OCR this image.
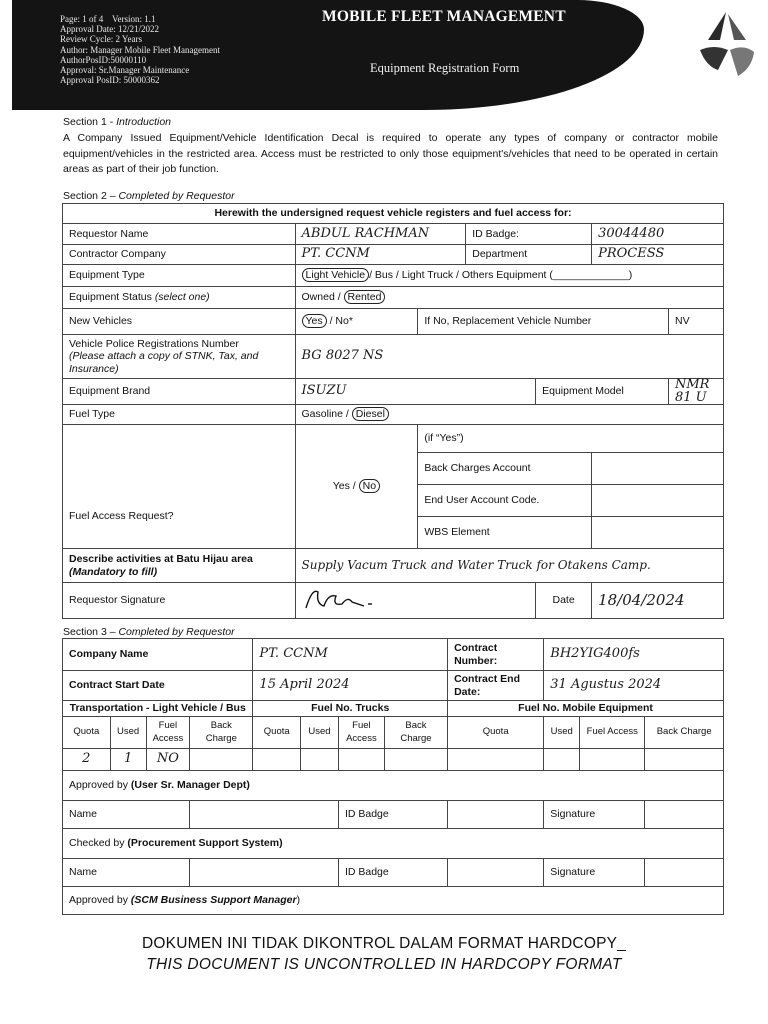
Page: 1 of 4 Version: 1.1
Approval Date: 12/21/2022
Review Cycle: 2 Years
Author: Manager Mobile Fleet Management
AuthorPosID:50000110
Approval: Sr.Manager Maintenance
Approval PosID: 50000362
MOBILE FLEET MANAGEMENT
Equipment Registration Form
Section 1 - Introduction
A Company Issued Equipment/Vehicle Identification Decal is required to operate any types of company or contractor mobile equipment/vehicles in the restricted area. Access must be restricted to only those equipment's/vehicles that need to be operated in certain areas as part of their job function.
Section 2 – Completed by Requestor
Herewith the undersigned request vehicle registers and fuel access for:						
Requestor Name	ABDUL RACHMAN		ID Badge:		30044480	
Contractor Company	PT. CCNM		Department		PROCESS	
Equipment Type	Light Vehicle / Bus / Light Truck / Others Equipment (_____________)					
Equipment Status (select one)	Owned / Rented					
New Vehicles	Yes / No*	If No, Replacement Vehicle Number				NV
Vehicle Police Registrations Number
(Please attach a copy of STNK, Tax, and Insurance)	BG 8027 NS					
Equipment Brand	ISUZU			Equipment Model		NMR 81 U
Fuel Type	Gasoline / Diesel					
Fuel Access Request?	Yes / No	(if “Yes”)				
		Back Charges Account				
		End User Account Code.				
		WBS Element				
Describe activities at Batu Hijau area
(Mandatory to fill)	Supply Vacum Truck and Water Truck for Otakens Camp.					
Requestor Signature				Date	18/04/2024	
Section 3 – Completed by Requestor
Company Name				PT. CCNM				Contract Number:	BH2YIG400fs		
Contract Start Date				15 April 2024				Contract End Date:	31 Agustus 2024		
Transportation - Light Vehicle / Bus				Fuel No. Trucks				Fuel No. Mobile Equipment			
Quota	Used	Fuel Access	Back Charge	Quota	Used	Fuel Access	Back Charge	Quota	Used	Fuel Access	Back Charge
2	1	NO									
Approved by (User Sr. Manager Dept)											
Name						ID Badge			Signature		
Checked by (Procurement Support System)											
Name						ID Badge			Signature		
Approved by (SCM Business Support Manager)											
DOKUMEN INI TIDAK DIKONTROL DALAM FORMAT HARDCOPY_
THIS DOCUMENT IS UNCONTROLLED IN HARDCOPY FORMAT
